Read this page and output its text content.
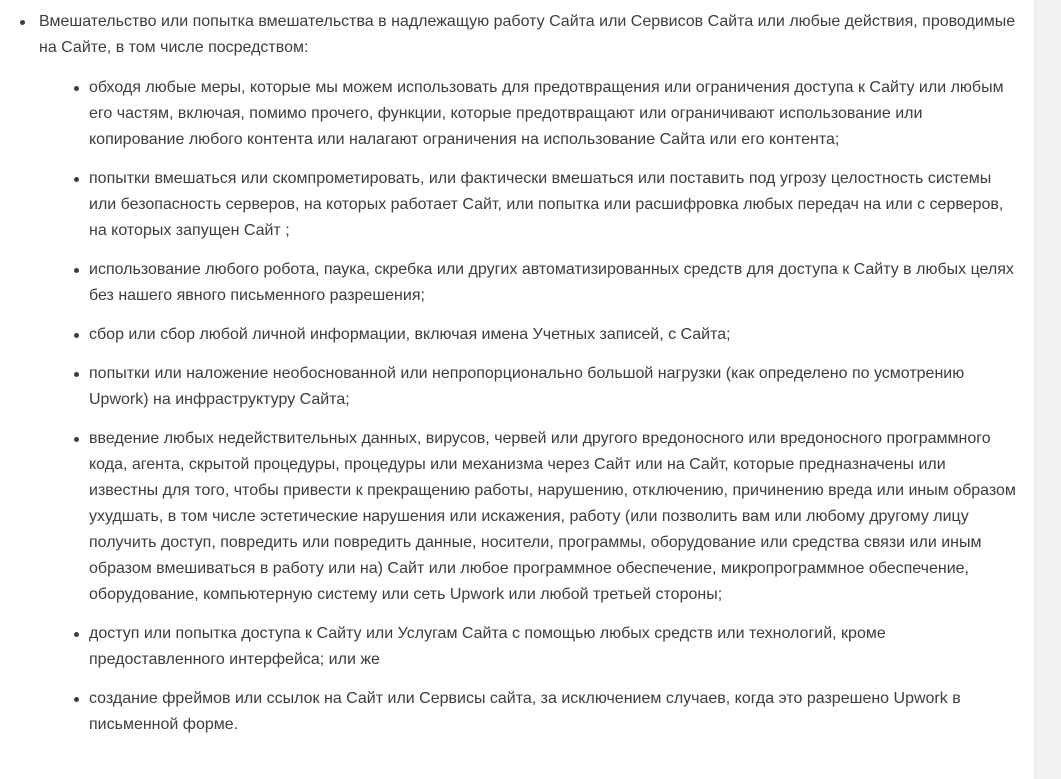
Вмешательство или попытка вмешательства в надлежащую работу Сайта или Сервисов Сайта или любые действия, проводимые на Сайте, в том числе посредством:
обходя любые меры, которые мы можем использовать для предотвращения или ограничения доступа к Сайту или любым его частям, включая, помимо прочего, функции, которые предотвращают или ограничивают использование или копирование любого контента или налагают ограничения на использование Сайта или его контента;
попытки вмешаться или скомпрометировать, или фактически вмешаться или поставить под угрозу целостность системы или безопасность серверов, на которых работает Сайт, или попытка или расшифровка любых передач на или с серверов, на которых запущен Сайт ;
использование любого робота, паука, скребка или других автоматизированных средств для доступа к Сайту в любых целях без нашего явного письменного разрешения;
сбор или сбор любой личной информации, включая имена Учетных записей, с Сайта;
попытки или наложение необоснованной или непропорционально большой нагрузки (как определено по усмотрению Upwork) на инфраструктуру Сайта;
введение любых недействительных данных, вирусов, червей или другого вредоносного или вредоносного программного кода, агента, скрытой процедуры, процедуры или механизма через Сайт или на Сайт, которые предназначены или известны для того, чтобы привести к прекращению работы, нарушению, отключению, причинению вреда или иным образом ухудшать, в том числе эстетические нарушения или искажения, работу (или позволить вам или любому другому лицу получить доступ, повредить или повредить данные, носители, программы, оборудование или средства связи или иным образом вмешиваться в работу или на) Сайт или любое программное обеспечение, микропрограммное обеспечение, оборудование, компьютерную систему или сеть Upwork или любой третьей стороны;
доступ или попытка доступа к Сайту или Услугам Сайта с помощью любых средств или технологий, кроме предоставленного интерфейса; или же
создание фреймов или ссылок на Сайт или Сервисы сайта, за исключением случаев, когда это разрешено Upwork в письменной форме.
